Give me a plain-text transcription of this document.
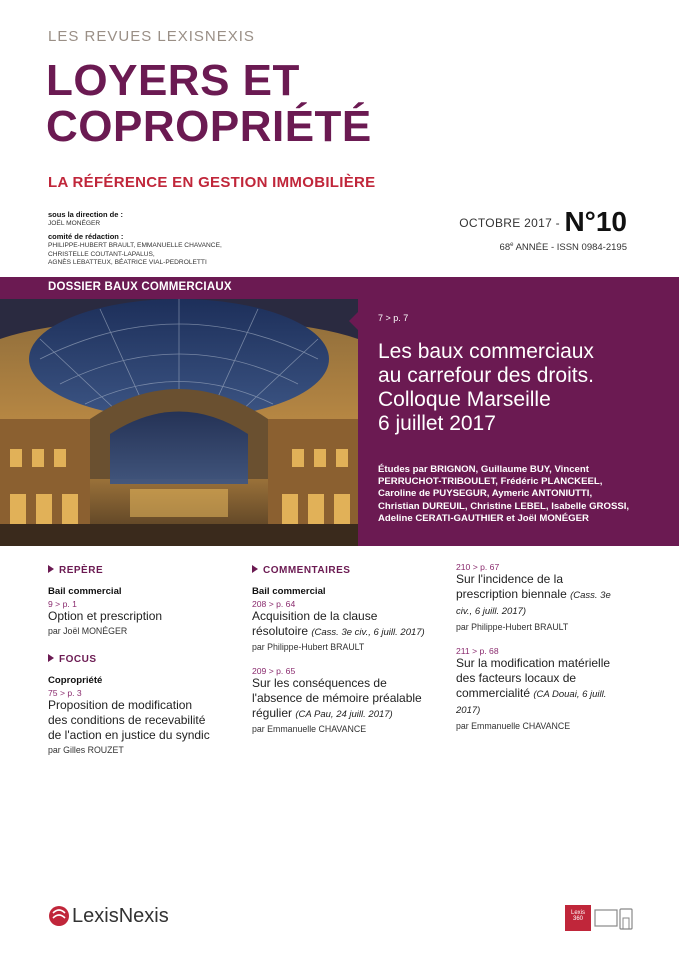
LES REVUES LEXISNEXIS
LOYERS ET
COPROPRIÉTÉ
LA RÉFÉRENCE EN GESTION IMMOBILIÈRE
sous la direction de :
JOËL MONÉGER
comité de rédaction :
PHILIPPE-HUBERT BRAULT, EMMANUELLE CHAVANCE,
CHRISTELLE COUTANT-LAPALUS,
AGNÈS LEBATTEUX, BÉATRICE VIAL-PEDROLETTI
OCTOBRE 2017 - N°10
68e ANNÉE - ISSN 0984-2195
DOSSIER BAUX COMMERCIAUX
7 > p. 7
Les baux commerciaux
au carrefour des droits.
Colloque Marseille
6 juillet 2017
Études par BRIGNON, Guillaume BUY, Vincent
PERRUCHOT-TRIBOULET, Frédéric PLANCKEEL,
Caroline de PUYSEGUR, Aymeric ANTONIUTTI,
Christian DUREUIL, Christine LEBEL, Isabelle GROSSI,
Adeline CERATI-GAUTHIER et Joël MONÉGER
REPÈRE
Bail commercial
9 > p. 1
Option et prescription
par Joël MONÉGER
FOCUS
Copropriété
75 > p. 3
Proposition de modification
des conditions de recevabilité
de l'action en justice du syndic
par Gilles ROUZET
COMMENTAIRES
Bail commercial
208 > p. 64
Acquisition de la clause
résolutoire (Cass. 3e civ., 6 juill. 2017)
par Philippe-Hubert BRAULT
209 > p. 65
Sur les conséquences de
l'absence de mémoire préalable
régulier (CA Pau, 24 juill. 2017)
par Emmanuelle CHAVANCE
210 > p. 67
Sur l'incidence de la
prescription biennale (Cass. 3e
civ., 6 juill. 2017)
par Philippe-Hubert BRAULT
211 > p. 68
Sur la modification matérielle
des facteurs locaux de
commercialité (CA Douai, 6 juill.
2017)
par Emmanuelle CHAVANCE
LexisNexis	Lexis
360
